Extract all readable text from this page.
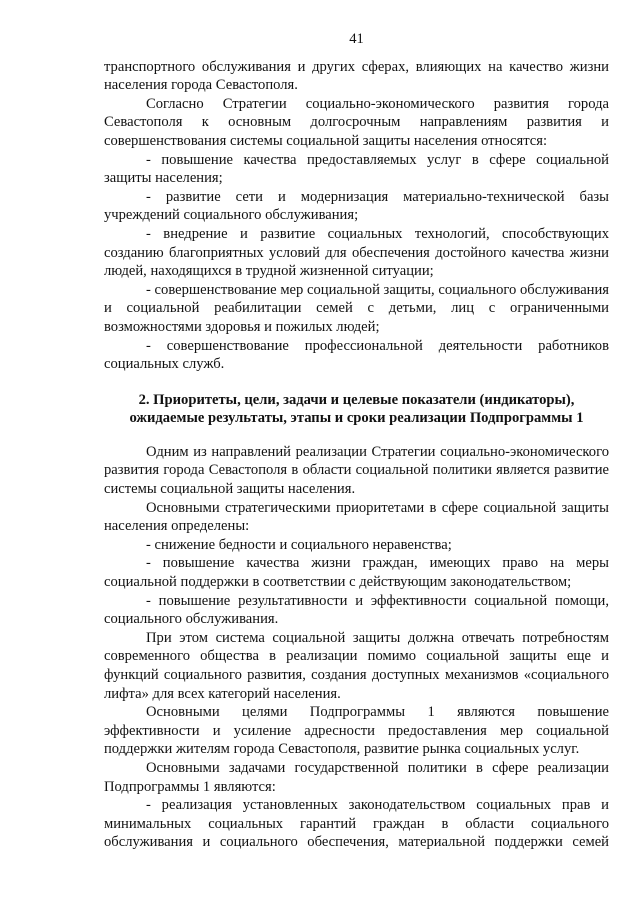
41

транспортного обслуживания и других сферах, влияющих на качество жизни населения города Севастополя.

Согласно Стратегии социально-экономического развития города Севастополя к основным долгосрочным направлениям развития и совершенствования системы социальной защиты населения относятся:

- повышение качества предоставляемых услуг в сфере социальной защиты населения;

- развитие сети и модернизация материально-технической базы учреждений социального обслуживания;

- внедрение и развитие социальных технологий, способствующих созданию благоприятных условий для обеспечения достойного качества жизни людей, находящихся в трудной жизненной ситуации;

- совершенствование мер социальной защиты, социального обслуживания и социальной реабилитации семей с детьми, лиц с ограниченными возможностями здоровья и пожилых людей;

- совершенствование профессиональной деятельности работников социальных служб.

2. Приоритеты, цели, задачи и целевые показатели (индикаторы),
ожидаемые результаты, этапы и сроки реализации Подпрограммы 1

Одним из направлений реализации Стратегии социально-экономического развития города Севастополя в области социальной политики является развитие системы социальной защиты населения.

Основными стратегическими приоритетами в сфере социальной защиты населения определены:

- снижение бедности и социального неравенства;

- повышение качества жизни граждан, имеющих право на меры социальной поддержки в соответствии с действующим законодательством;

- повышение результативности и эффективности социальной помощи, социального обслуживания.

При этом система социальной защиты должна отвечать потребностям современного общества в реализации помимо социальной защиты еще и функций социального развития, создания доступных механизмов «социального лифта» для всех категорий населения.

Основными целями Подпрограммы 1 являются повышение эффективности и усиление адресности предоставления мер социальной поддержки жителям города Севастополя, развитие рынка социальных услуг.

Основными задачами государственной политики в сфере реализации Подпрограммы 1 являются:

- реализация установленных законодательством социальных прав и минимальных социальных гарантий граждан в области социального обслуживания и социального обеспечения, материальной поддержки семей
